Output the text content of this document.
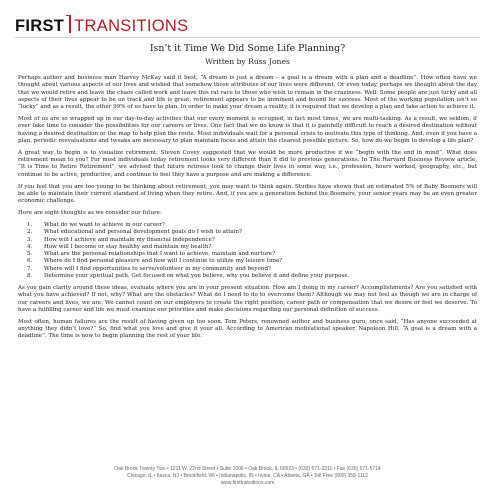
FIRST TRANSITIONS
Isn’t it Time We Did Some Life Planning?
Written by Russ Jones

Perhaps author and business man Harvey McKay said it best, “A dream is just a dream – a goal is a dream with a plan and a deadline”. How often have we thought about various aspects of our lives and wished that somehow those attributes of our lives were different. Or even today, perhaps we thought about the day that we would retire and leave the chaos called work and leave this rat race to those who wish to remain in the craziness. Well. Some people are just lucky and all aspects of their lives appear to be on track and life is great; retirement appears to be imminent and bound for success. Most of the working population isn’t so “lucky” and as a result, the other 99% of us have to plan. In order to make your dream a reality, it is required that we develop a plan and take action to achieve it.

Most of us are so wrapped up in our day-to-day activities that our every moment is occupied, in fact most times, we are multi-tasking. As a result, we seldom, if ever take time to consider the possibilities for our careers or lives. One fact that we do know is that it is painfully difficult to reach a desired destination without having a desired destination or the map to help plan the route. Most individuals wait for a personal crisis to motivate this type of thinking. And, even if you have a plan, periodic reevaluations and tweaks are necessary to plan maintain focus and attain the clearest possible picture. So, how do we begin to develop a life plan?

A great way to begin is to visualize retirement. Steven Covey suggested that we would be more productive if we “begin with the end in mind”. What does retirement mean to you? For most individuals today retirement looks very different than it did to previous generations. In The Harvard Business Review article, “It is Time to Retire Retirement”, we advised that future retirees look to change their lives in some way, i.e., profession, hours worked, geography, etc., but continue to be active, productive, and continue to feel they have a purpose and are making a difference.

If you feel that you are too young to be thinking about retirement, you may want to think again. Studies have shown that an estimated 5% of Baby Boomers will be able to maintain their current standard of living when they retire. And, if you are a generation behind the Boomers, your senior years may be an even greater economic challenge.

Here are eight thoughts as we consider our future:

1. What do we want to achieve in our career?
2. What educational and personal development goals do I wish to attain?
3. How will I achieve and maintain my financial independence?
4. How will I become or stay healthy and maintain my health?
5. What are the personal relationships that I want to achieve, maintain and nurture?
6. Where do I find personal pleasure and how will I continue to utilize my leisure time?
7. Where will I find opportunities to serve/volunteer in my community and beyond?
8. Determine your spiritual path. Get focused on what you believe, why you believe it and define your purpose.

As you gain clarity around these ideas, evaluate where you are in your present situation. How am I doing in my career? Accomplishments? Are you satisfied with what you have achieved? If not, why? What are the obstacles? What do I need to do to overcome them? Although we may not feel as though we are in charge of our careers and lives, we are. We cannot count on our employers to create the right position, career path or compensation that we desire or feel we deserve. To have a fulfilling career and life we must examine our priorities and make decisions regarding our personal definition of success.

Most often, human failures are the result of having given up too soon. Tom Peters, renowned author and business guru, once said, “Has anyone succeeded at anything they didn’t love?” So, find what you love and give it your all. According to American motivational speaker, Napoleon Hill, “A goal is a dream with a deadline”. The time is now to begin planning the rest of your life.

Oak Brook Twenty Two • 1211 W. 22nd Street • Suite 1006 • Oak Brook, IL 60523 • (630) 571-3311 • Fax (630) 571-5714
Chicago, IL • Itasca, NJ • Brookfield, WI • Indianapolis, IN • Irvine, CA • Atlanta, GA • Toll Free (800) 358-1112
www.firsttransitions.com
